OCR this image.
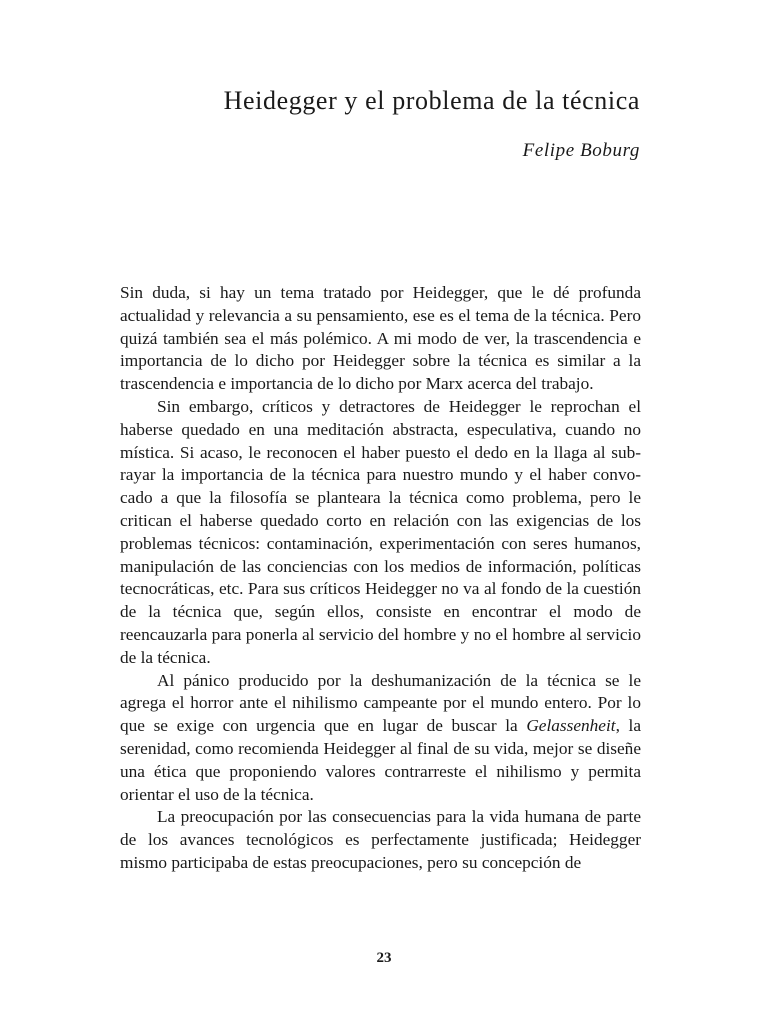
Heidegger y el problema de la técnica
Felipe Boburg

Sin duda, si hay un tema tratado por Heidegger, que le dé profunda actualidad y relevancia a su pensamiento, ese es el tema de la técnica. Pero quizá también sea el más polémico. A mi modo de ver, la trascendencia e importancia de lo dicho por Heidegger sobre la técnica es similar a la trascendencia e importancia de lo dicho por Marx acerca del trabajo.

Sin embargo, críticos y detractores de Heidegger le reprochan el haberse quedado en una meditación abstracta, especulativa, cuando no mística. Si acaso, le reconocen el haber puesto el dedo en la llaga al subrayar la importancia de la técnica para nuestro mundo y el haber convocado a que la filosofía se planteara la técnica como problema, pero le critican el haberse quedado corto en relación con las exigencias de los problemas técnicos: contaminación, experimentación con seres humanos, manipulación de las conciencias con los medios de información, políticas tecnocráticas, etc. Para sus críticos Heidegger no va al fondo de la cuestión de la técnica que, según ellos, consiste en encontrar el modo de reencauzarla para ponerla al servicio del hombre y no el hombre al servicio de la técnica.

Al pánico producido por la deshumanización de la técnica se le agrega el horror ante el nihilismo campeante por el mundo entero. Por lo que se exige con urgencia que en lugar de buscar la Gelassenheit, la serenidad, como recomienda Heidegger al final de su vida, mejor se diseñe una ética que proponiendo valores contrarreste el nihilismo y permita orientar el uso de la técnica.

La preocupación por las consecuencias para la vida humana de parte de los avances tecnológicos es perfectamente justificada; Heidegger mismo participaba de estas preocupaciones, pero su concepción de

23
